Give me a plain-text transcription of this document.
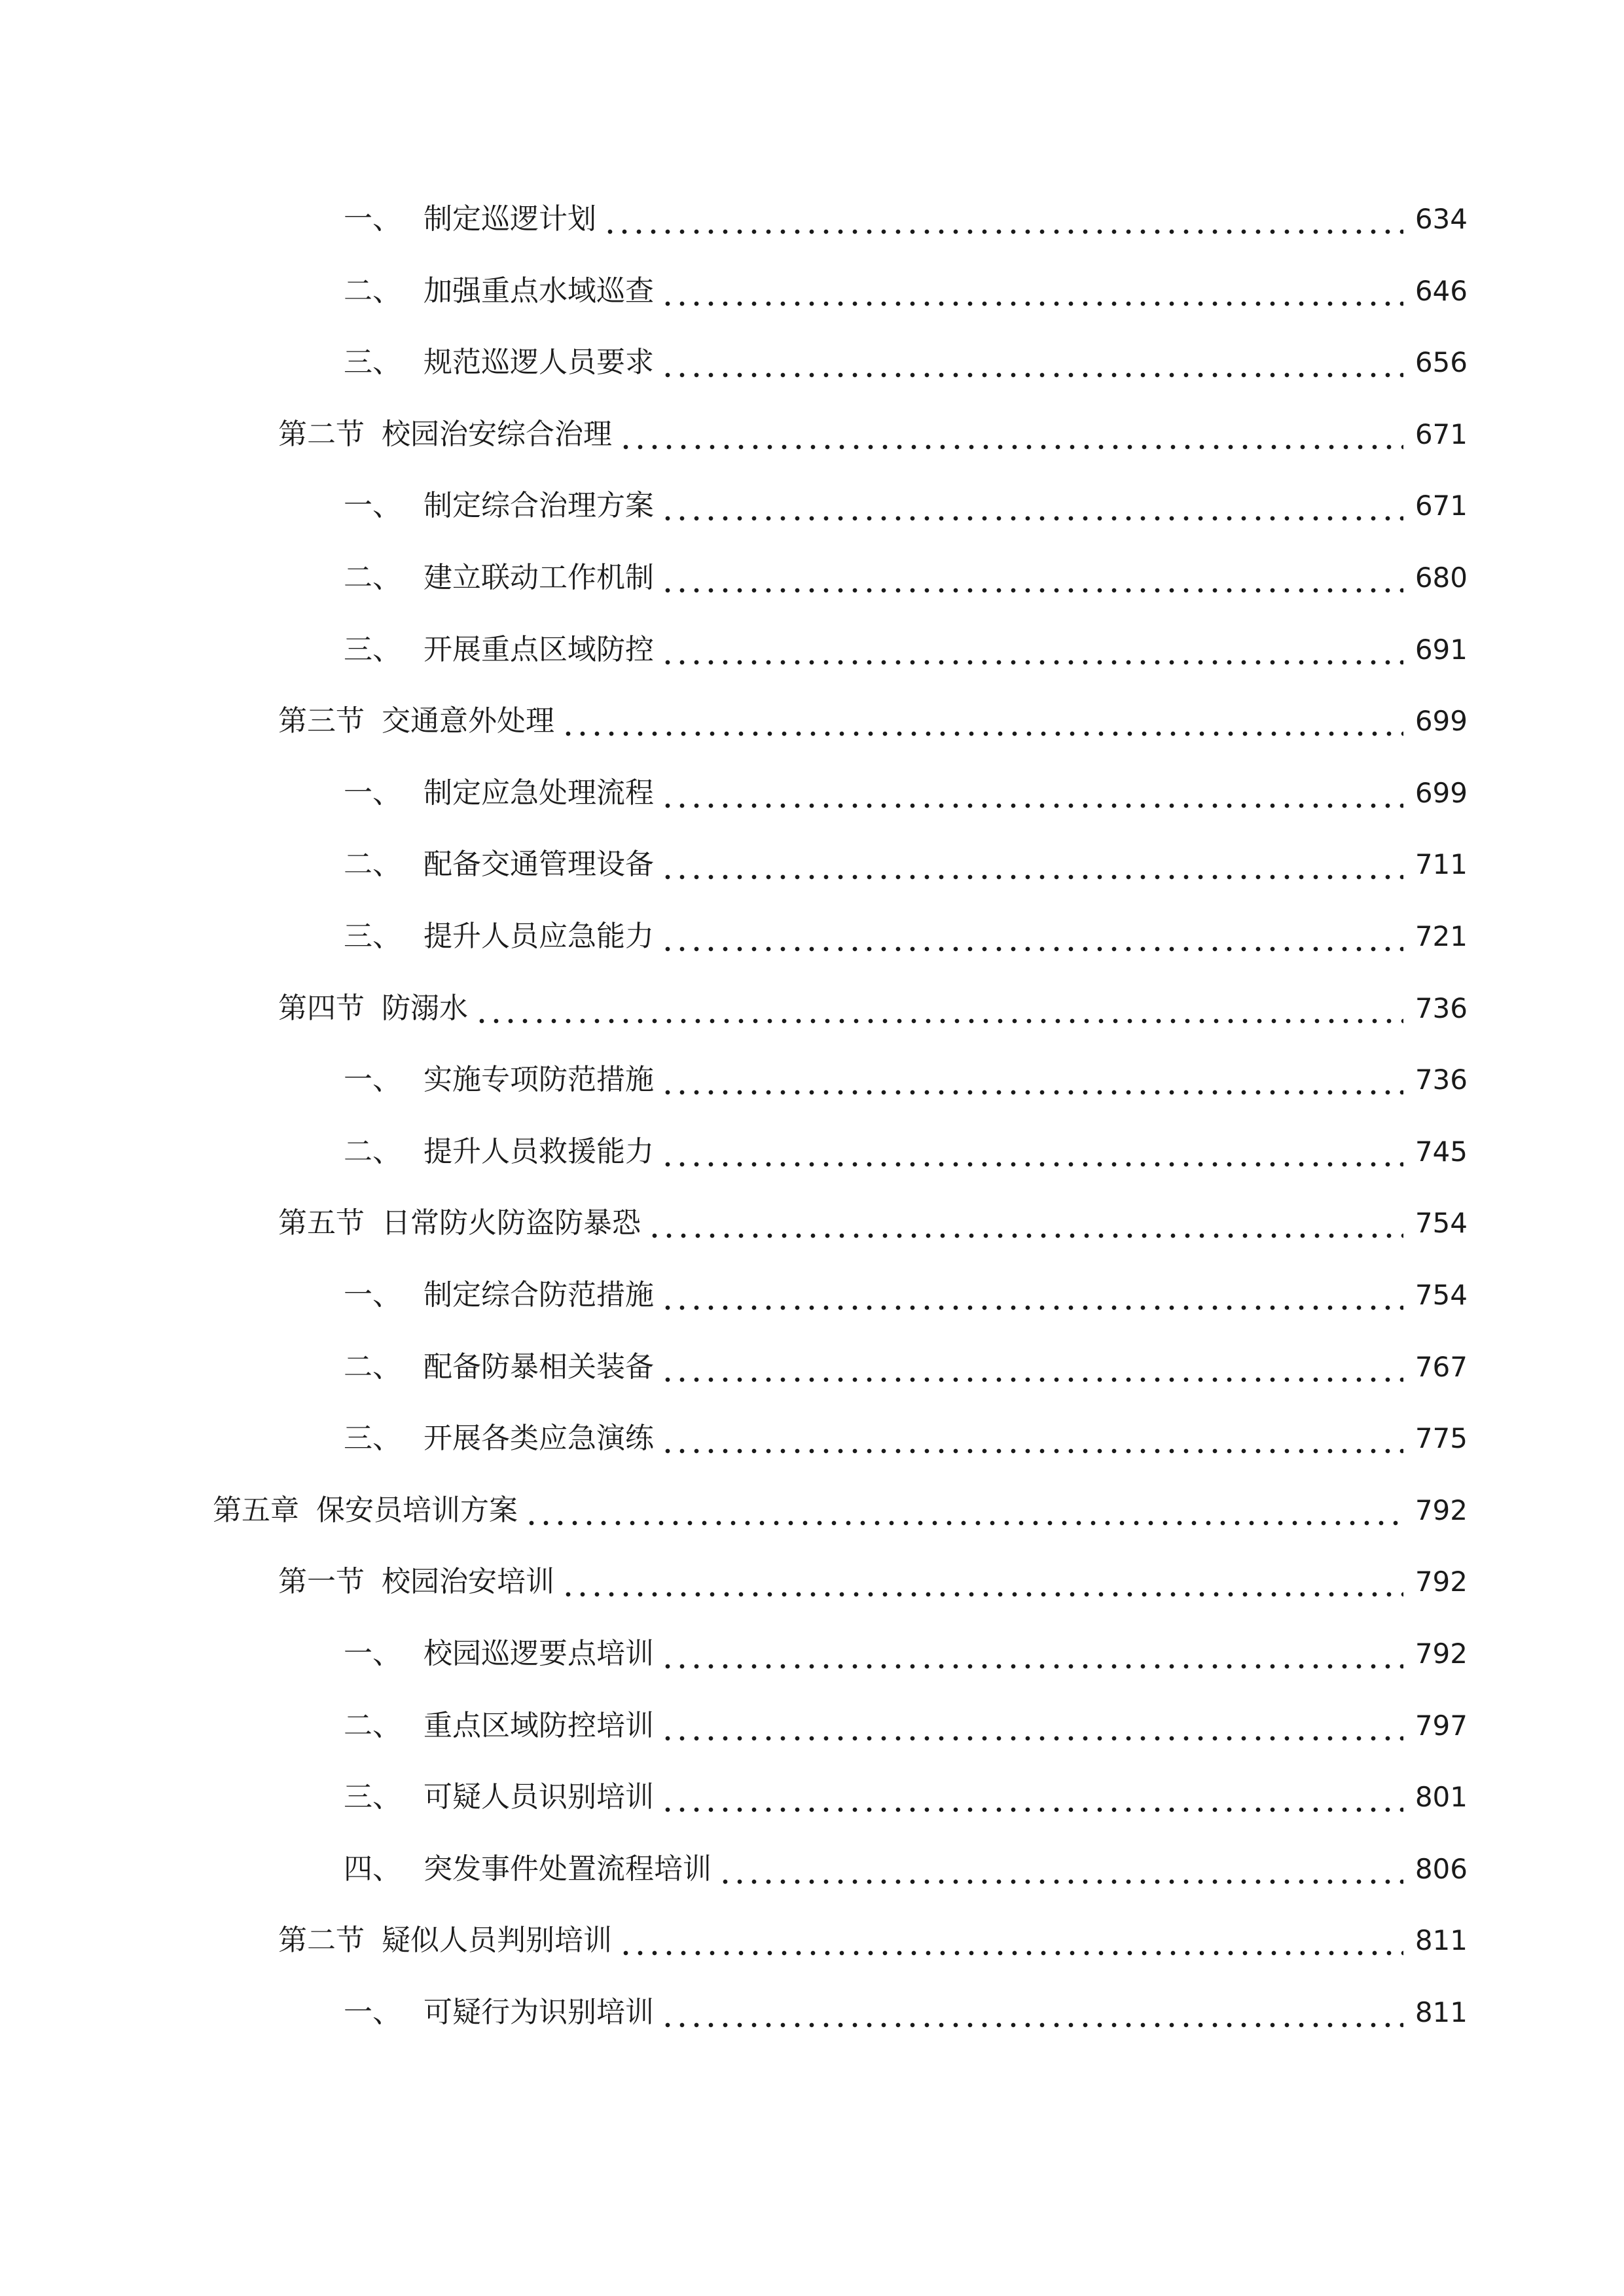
一、 制定巡逻计划	634
二、 加强重点水域巡查	646
三、 规范巡逻人员要求	656
第二节 校园治安综合治理	671
一、 制定综合治理方案	671
二、 建立联动工作机制	680
三、 开展重点区域防控	691
第三节 交通意外处理	699
一、 制定应急处理流程	699
二、 配备交通管理设备	711
三、 提升人员应急能力	721
第四节 防溺水	736
一、 实施专项防范措施	736
二、 提升人员救援能力	745
第五节 日常防火防盗防暴恐	754
一、 制定综合防范措施	754
二、 配备防暴相关装备	767
三、 开展各类应急演练	775
第五章 保安员培训方案	792
第一节 校园治安培训	792
一、 校园巡逻要点培训	792
二、 重点区域防控培训	797
三、 可疑人员识别培训	801
四、 突发事件处置流程培训	806
第二节 疑似人员判别培训	811
一、 可疑行为识别培训	811
